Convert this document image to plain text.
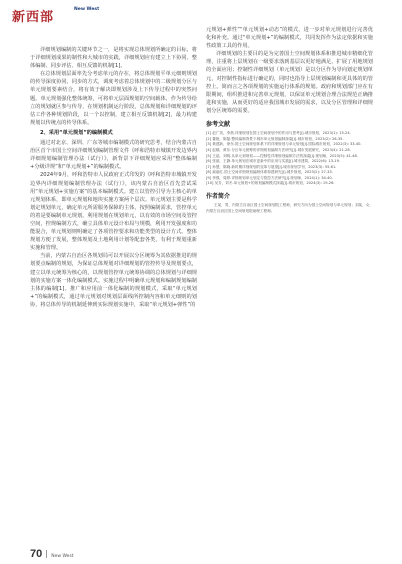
新西部
New West

详细规划编制的关键环节之一，是将实现总体规划所确定的目标，将于详细规划成果的制性和大城市的实践，详细规划应有建立上下协同、整体编制、同步评估、相互反馈的机制[1]。

在总体规划层面率先分考虑单元的存在，将总体规划平单元细则规划的传导深度协同、同步的方式，调度考虑着总体规划中的二级规划分区与单元规划要素结合，将有效于解决即规划涉及上下传导过程中的突然问题。单元规划强化整体统筹，可将单元层面规划的空间载体，作为传导给立的规划就区参与传导，在规划机制运行阶段，总体规划和详细规划的评估工作各种规划阶段，以一个以控制，建立相互反馈机制[2]，最力构建规划以传统点的传导体系。

2、采用“单元规划”的编制模式

通过对北京、深圳、广东等城市编制模式的研究思考，结合内蒙古自治区首个市国土空间详细规划编制管理文件《呼和浩特市城镇开发边界内详细规划编制管理办法（试行）》，新背景下详细规划应采用“整体编制+分级详规”和“单元规划+”的编制模式。

2024年9月，呼和浩特市人民政府正式印发的《呼和浩特市城镇开发边界内详细规划编制管理办法（试行）》，该内蒙古自治区首先尝试采用“单元规划+实施方案”的基本编制模式。建立以管控引导为主核心的单元规划体系，即单元规划和地块实施方案两个层次。单元规划主要是科学划定规划单元，确定单元所需服务保障的主体，按照编制需求，管控单元的着是要编制单元规划。利用规划在规划单元，以有效的市场空间及管控空间，控规编制方式，确立具体单元设计布局与规模，利用开发强度和功能混合，单元规划则明确定了各项管控要求和功能类型的设计方式。整体规划方便了发展，整体规划及土地利用计划等配套各类，有利于规划重新实施和管理。

当前，内蒙古自治区各规划局可以开展以分区统筹为其依据推进的规划要点编制的规划，为保证总体规划对详细规划的管控传导及规划要点，建立以单元统筹为核心的，以规划管控单元统筹协调的总体规划与详细规划的实施方案一体化编制模式。实施过程中明确单元规划和编制规划编制主体的编制[1]。推广和应用前一体化编制的规划模式，采取“单元规划+”的编制模式，通过单元规划对规划层面线所控制内容和单元细则的划协，将总体传导的机制延伸到实际规划实施中，采取“单元规划+弹性”的

元规划+弹性”“单元规划+动态”的模式，进一步对单元规划进行完善优化和补充。通过“单元规划+”的编制模式，共同发挥作为法定依据和实施性政策工具的作用。

详细规划的主要目的是为完善国土空间规划体系和推进城市精细化管理，注重将上层规划在一级要求落到基层以更好地满足，扩展了用地规划的全面应用；控制性详细规划（单元规划）是以分区作为导向划定规划单元，对控制性指标进行确定的，同时也指导上层规划编制和更具体的的管控上。简而言之各项规划的实施运行体系的规划。政府和规划部门应在有限期间，组织推进和完善单元规划，以保证单元规划合理合法规范正确推进和实施，从而更好的适应我国城市发展的需求，以及分区管理和详细规划分区统筹的需要。

参考文献
[1] 赵广英，李晨.详细规划在国土空间规划中的作用与思考[J].城市规划，2023(1): 15-24.
[2] 董艳，陈磊.整体编制背景下城市单元规划编制探索[J].城市规划，2023(2): 26-35.
[3] 黄建新，徐东.国土空间规划体系下的详细规划与单元规划[J].国际城市规划，2022(3): 33-40.
[4] 赵娜，黄东.分区单元统筹的详细规划编制方法研究[J].城市发展研究，2023(4): 21-28.
[5] 王晶，刘明.从单元到规划——控制性详细规划编制方法的探索[J].规划师，2023(5): 41-48.
[6] 张丽，王静.单元规划在城市更新中的应用与实践[J].城市建筑，2022(6): 13-19.
[7] 孙慧，陈晓.新时期详细规划的变革与展望[J].城市规划学刊，2023(3): 55-61.
[8] 郝丽红.国土空间详细规划编制体系构建研究[J].城乡规划，2023(2): 27-33.
[9] 李强，周婷.详细规划单元划定与管控方法研究[J].规划师，2024(1): 34-40.
[10] 吴芳，刘冬.单元规划+的规划编制模式探索[J].城市规划，2024(3): 19-26.
作者简介
王某，男，内蒙古自治区国土空间规划院工程师，研究方向为国土空间规划与单元规划；刘某，女，内蒙古自治区国土空间规划院助理工程师。
70 New West
